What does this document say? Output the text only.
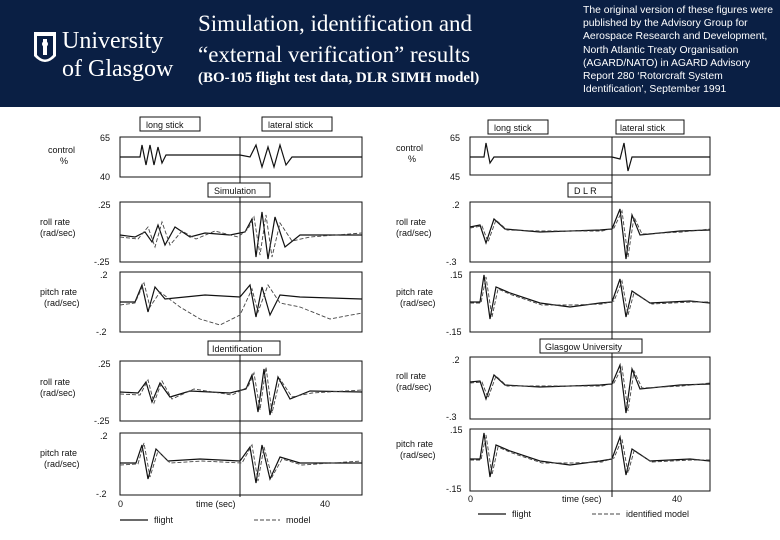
University
of Glasgow
Simulation, identification and
“external verification” results
(BO-105 flight test data, DLR SIMH model)
The original version of these figures were published by the Advisory Group for Aerospace Research and Development, North Atlantic Treaty Organisation (AGARD/NATO) in AGARD Advisory Report 280 ‘Rotorcraft System Identification’, September 1991
long stick	lateral stick
control
%
65
40
Simulation
roll rate
(rad/sec)
.25
-.25
pitch rate
(rad/sec)
.2
-.2
Identification
roll rate
(rad/sec)
.25
-.25
pitch rate
(rad/sec)
.2
-.2
0	time (sec)	40
flight	model
long stick	lateral stick
control
%
65
45
D L R
roll rate
(rad/sec)
.2
-.3
pitch rate
(rad/sec)
.15
-.15
Glasgow University
roll rate
(rad/sec)
.2
-.3
pitch rate
(rad/sec)
.15
-.15
0	time (sec)	40
flight	identified model
